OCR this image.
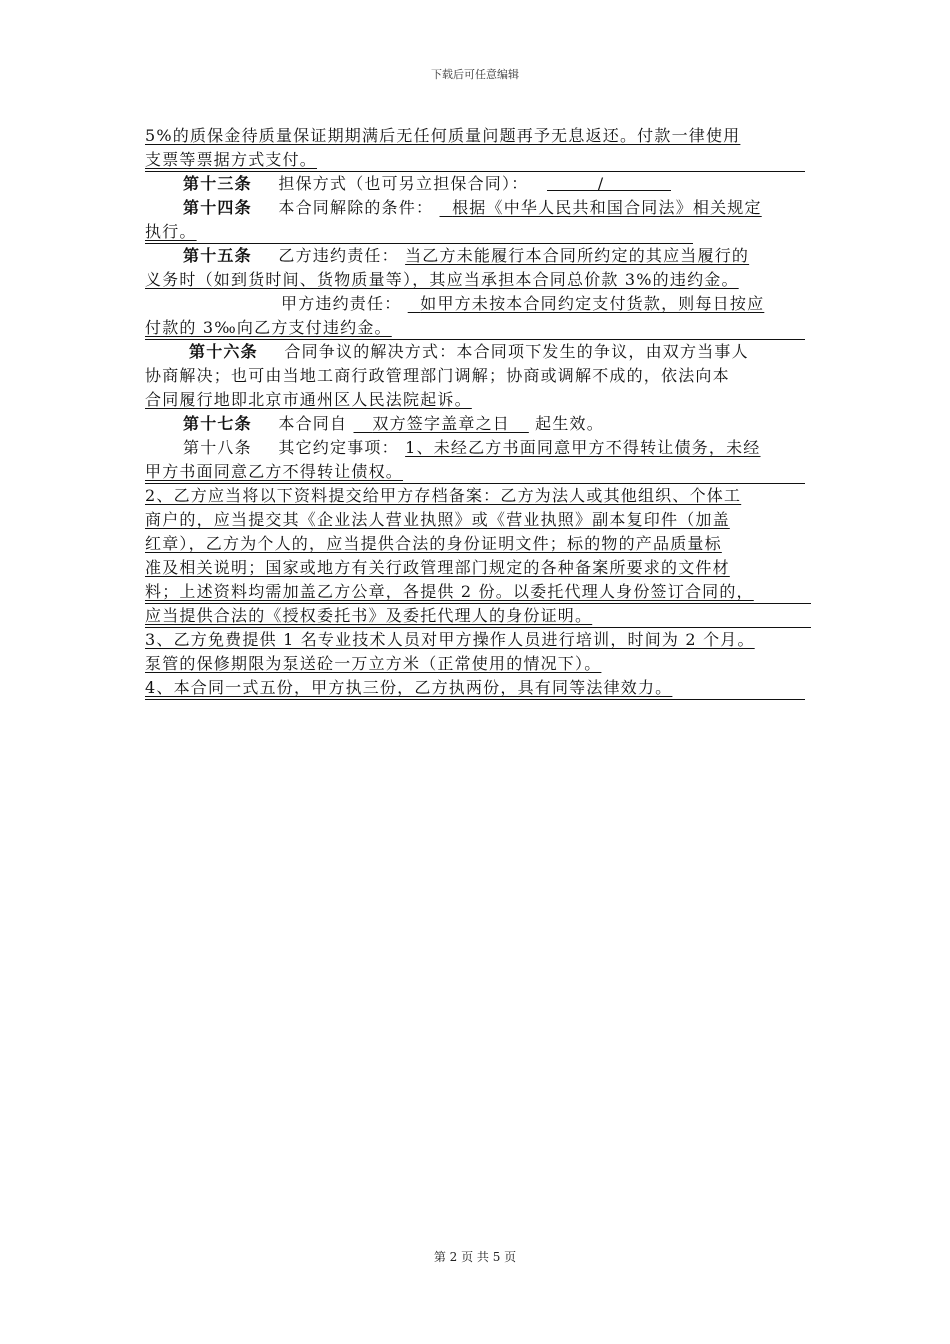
下载后可任意编辑
5%的质保金待质量保证期期满后无任何质量问题再予无息返还。付款一律使用
支票等票据方式支付。
第十三条 担保方式（也可另立担保合同）：	/
第十四条 本合同解除的条件： 根据《中华人民共和国合同法》相关规定
执行。
第十五条 乙方违约责任： 当乙方未能履行本合同所约定的其应当履行的
义务时（如到货时间、货物质量等），其应当承担本合同总价款 3%的违约金。
甲方违约责任： 如甲方未按本合同约定支付货款，则每日按应
付款的 3‰向乙方支付违约金。
第十六条 合同争议的解决方式：本合同项下发生的争议，由双方当事人
协商解决；也可由当地工商行政管理部门调解；协商或调解不成的，依法向本
合同履行地即北京市通州区人民法院起诉。
第十七条 本合同自 双方签字盖章之日 起生效。
第十八条 其它约定事项： 1、未经乙方书面同意甲方不得转让债务，未经
甲方书面同意乙方不得转让债权。
2、乙方应当将以下资料提交给甲方存档备案：乙方为法人或其他组织、个体工
商户的，应当提交其《企业法人营业执照》或《营业执照》副本复印件（加盖
红章），乙方为个人的，应当提供合法的身份证明文件；标的物的产品质量标
准及相关说明；国家或地方有关行政管理部门规定的各种备案所要求的文件材
料；上述资料均需加盖乙方公章，各提供 2 份。以委托代理人身份签订合同的，
应当提供合法的《授权委托书》及委托代理人的身份证明。
3、乙方免费提供 1 名专业技术人员对甲方操作人员进行培训，时间为 2 个月。
泵管的保修期限为泵送砼一万立方米（正常使用的情况下）。
4、本合同一式五份，甲方执三份，乙方执两份，具有同等法律效力。
第 2 页 共 5 页
